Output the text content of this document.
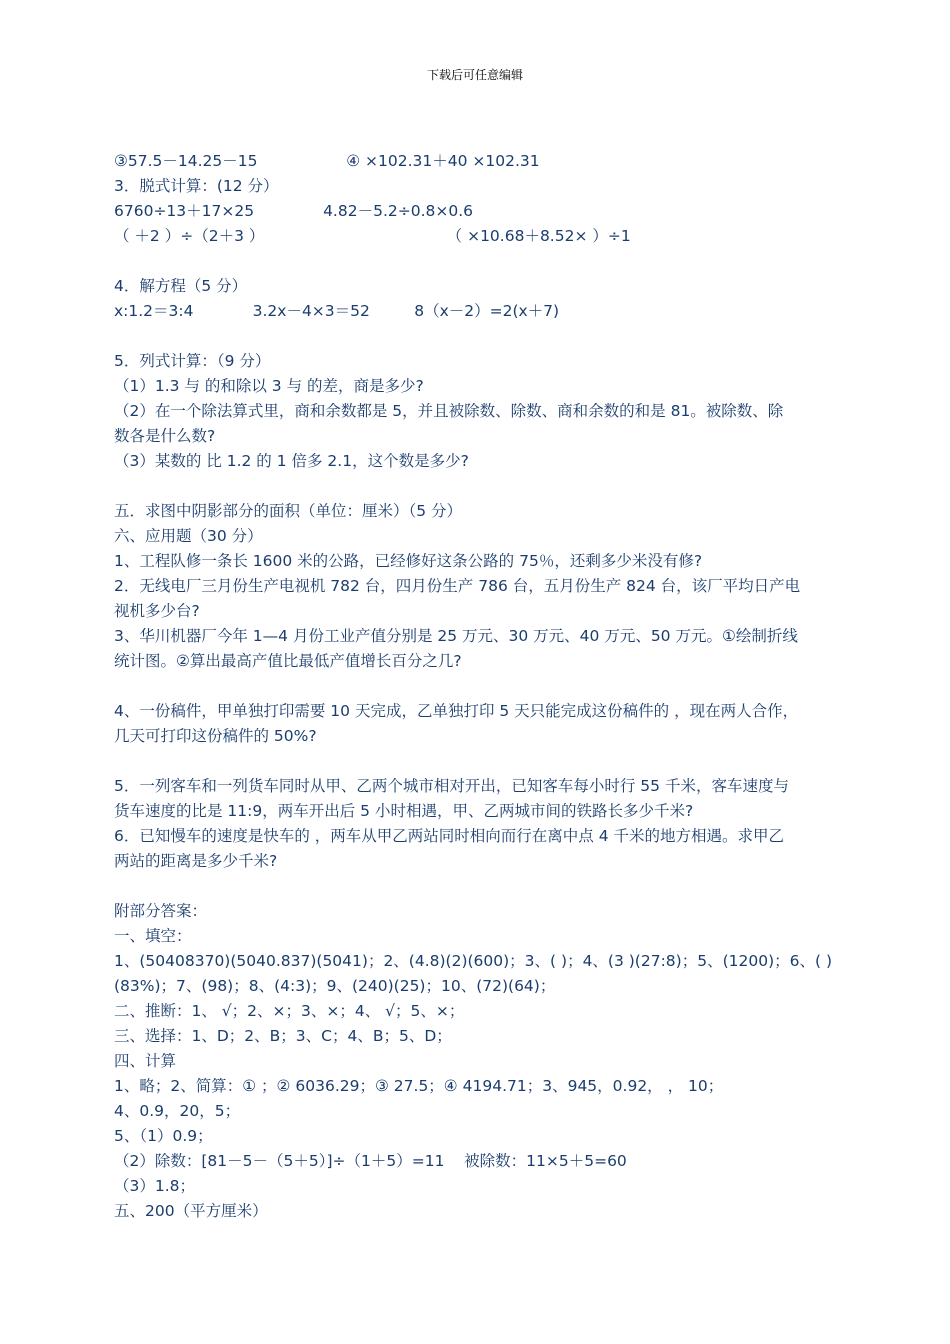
下载后可任意编辑
③57.5－14.25－15                  ④ ×102.31＋40 ×102.31
3．脱式计算：(12 分）
6760÷13＋17×25              4.82－5.2÷0.8×0.6
（ ＋2 ）÷（2＋3 ）                                     （ ×10.68＋8.52× ）÷1
4．解方程（5 分）
x:1.2＝3:4            3.2x－4×3＝52         8（x－2）=2(x＋7)
5．列式计算：（9 分）
（1）1.3 与 的和除以 3 与 的差，商是多少?
（2）在一个除法算式里，商和余数都是 5，并且被除数、除数、商和余数的和是 81。被除数、除
数各是什么数?
（3）某数的 比 1.2 的 1 倍多 2.1，这个数是多少?
五．求图中阴影部分的面积（单位：厘米）（5 分）
六、应用题（30 分）
1、工程队修一条长 1600 米的公路，已经修好这条公路的 75％，还剩多少米没有修?
2．无线电厂三月份生产电视机 782 台，四月份生产 786 台，五月份生产 824 台，该厂平均日产电
视机多少台?
3、华川机器厂今年 1—4 月份工业产值分别是 25 万元、30 万元、40 万元、50 万元。①绘制折线
统计图。②算出最高产值比最低产值增长百分之几?
4、一份稿件，甲单独打印需要 10 天完成，乙单独打印 5 天只能完成这份稿件的 ，现在两人合作，
几天可打印这份稿件的 50%?
5．一列客车和一列货车同时从甲、乙两个城市相对开出，已知客车每小时行 55 千米，客车速度与
货车速度的比是 11:9，两车开出后 5 小时相遇，甲、乙两城市间的铁路长多少千米?
6．已知慢车的速度是快车的 ，两车从甲乙两站同时相向而行在离中点 4 千米的地方相遇。求甲乙
两站的距离是多少千米?
附部分答案：
一、填空：
1、(50408370)(5040.837)(5041)；2、(4.8)(2)(600)；3、( )；4、(3 )(27:8)；5、(1200)；6、( )
(83%)；7、(98)；8、(4:3)；9、(240)(25)；10、(72)(64)；
二、推断：1、 √；2、×；3、×；4、 √；5、×；
三、选择：1、D；2、B；3、C；4、B；5、D；
四、计算
1、略；2、简算：① ；② 6036.29；③ 27.5；④ 4194.71；3、945，0.92， ， 10；
4、0.9，20，5；
5、（1）0.9；
（2）除数：[81－5－（5＋5）]÷（1＋5）=11    被除数：11×5＋5=60
（3）1.8；
五、200（平方厘米）
